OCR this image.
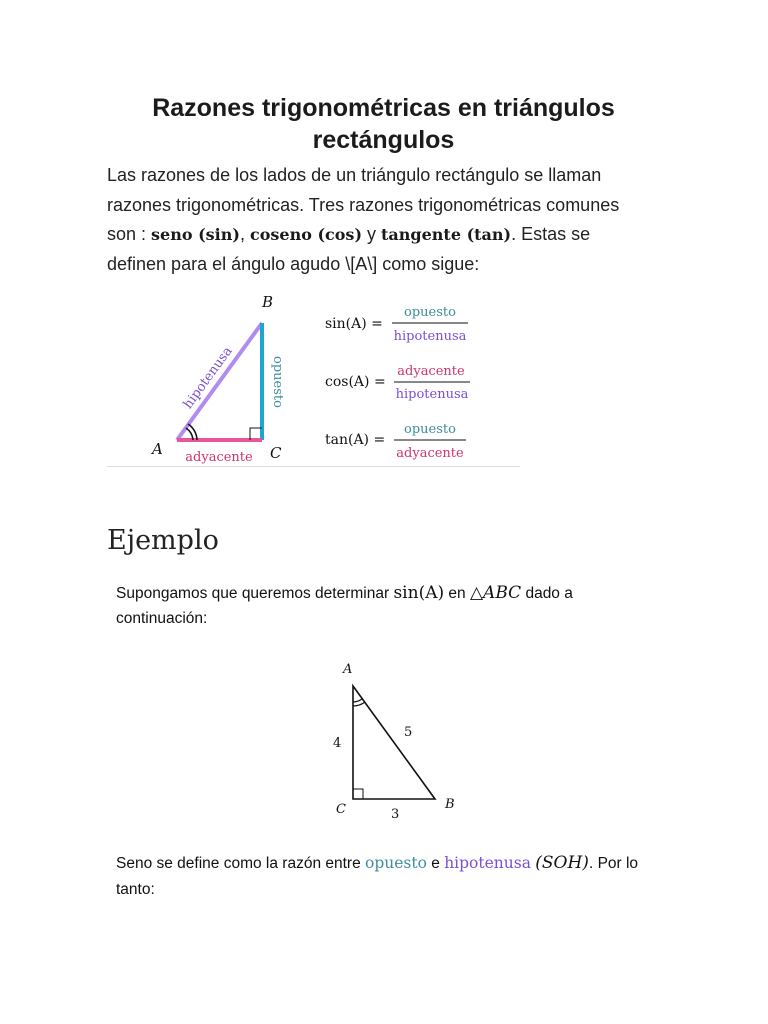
Razones trigonométricas en triángulos rectángulos

Las razones de los lados de un triángulo rectángulo se llaman razones trigonométricas. Tres razones trigonométricas comunes son : seno (sin), coseno (cos) y tangente (tan). Estas se definen para el ángulo agudo \[A\] como sigue:

A
B
C
hipotenusa	opuesto
adyacente
sin(A) =
opuesto
hipotenusa
cos(A) =
adyacente
hipotenusa
tan(A) =
opuesto
adyacente
Ejemplo

Supongamos que queremos determinar sin(A) en △ABC dado a

continuación:

A
B
C
4
5
3

Seno se define como la razón entre opuesto e hipotenusa (SOH). Por lo

tanto:
